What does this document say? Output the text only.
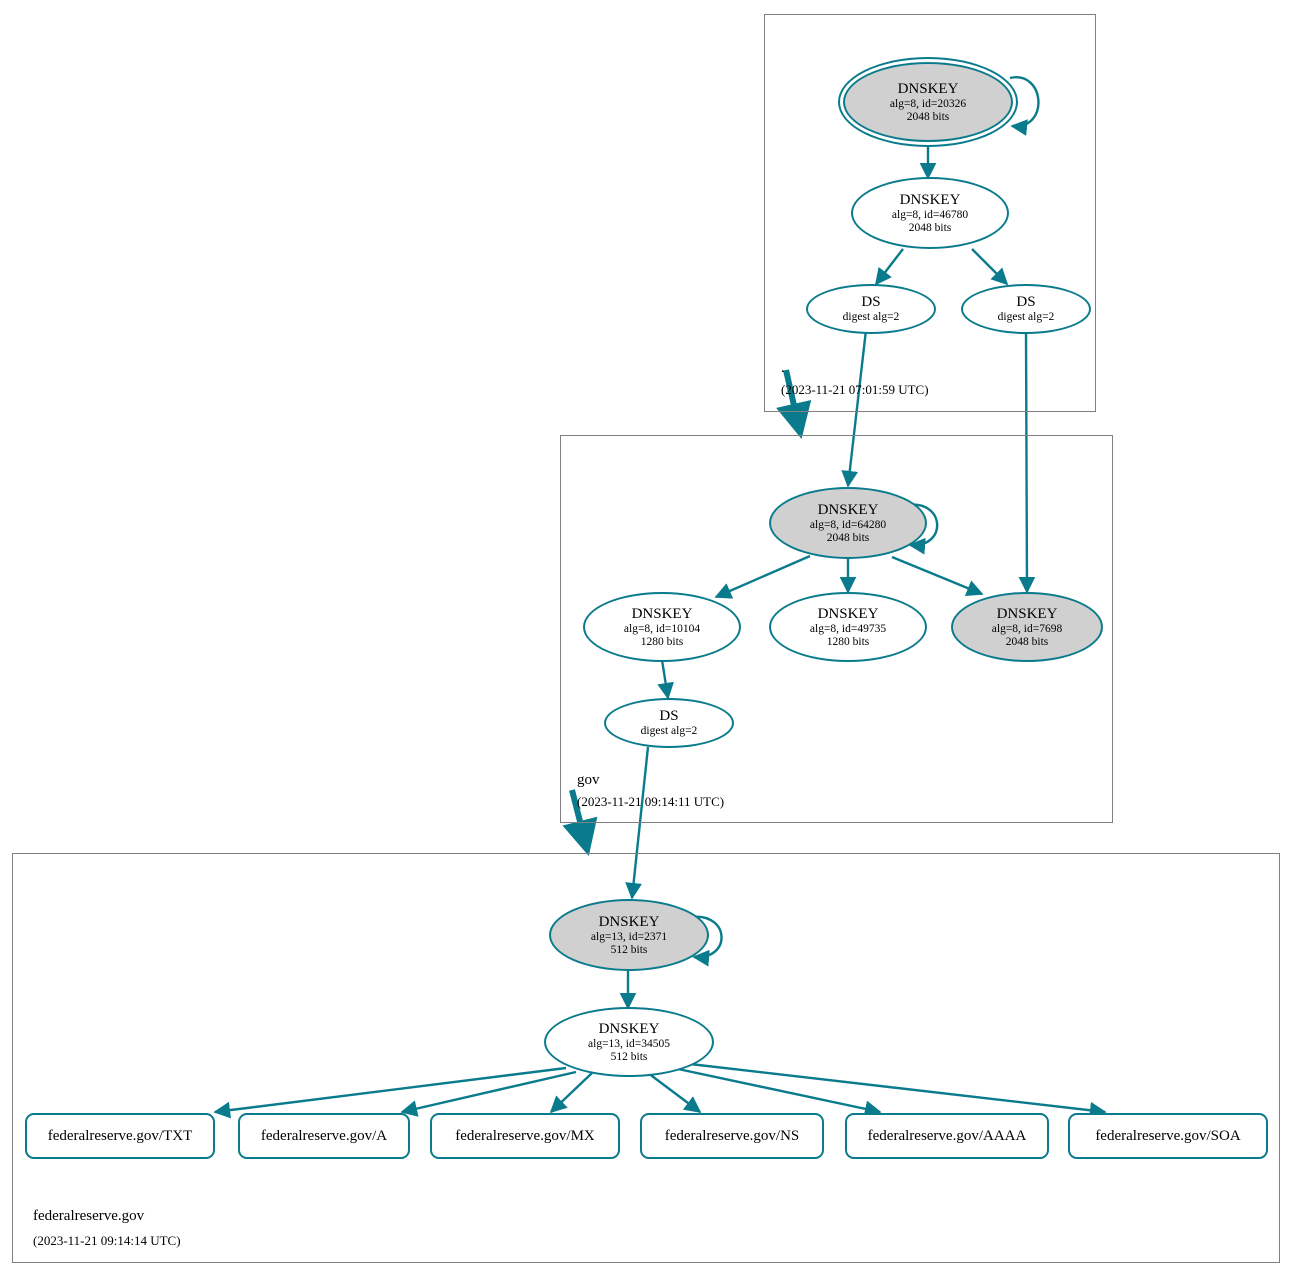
.
(2023-11-21 07:01:59 UTC)
gov
(2023-11-21 09:14:11 UTC)
federalreserve.gov
(2023-11-21 09:14:14 UTC)
DNSKEY
alg=8, id=20326
2048 bits
DNSKEY
alg=8, id=46780
2048 bits
DS
digest alg=2
DS
digest alg=2
DNSKEY
alg=8, id=64280
2048 bits
DNSKEY
alg=8, id=10104
1280 bits
DNSKEY
alg=8, id=49735
1280 bits
DNSKEY
alg=8, id=7698
2048 bits
DS
digest alg=2
DNSKEY
alg=13, id=2371
512 bits
DNSKEY
alg=13, id=34505
512 bits
federalreserve.gov/TXT	federalreserve.gov/A	federalreserve.gov/MX	federalreserve.gov/NS	federalreserve.gov/AAAA	federalreserve.gov/SOA
